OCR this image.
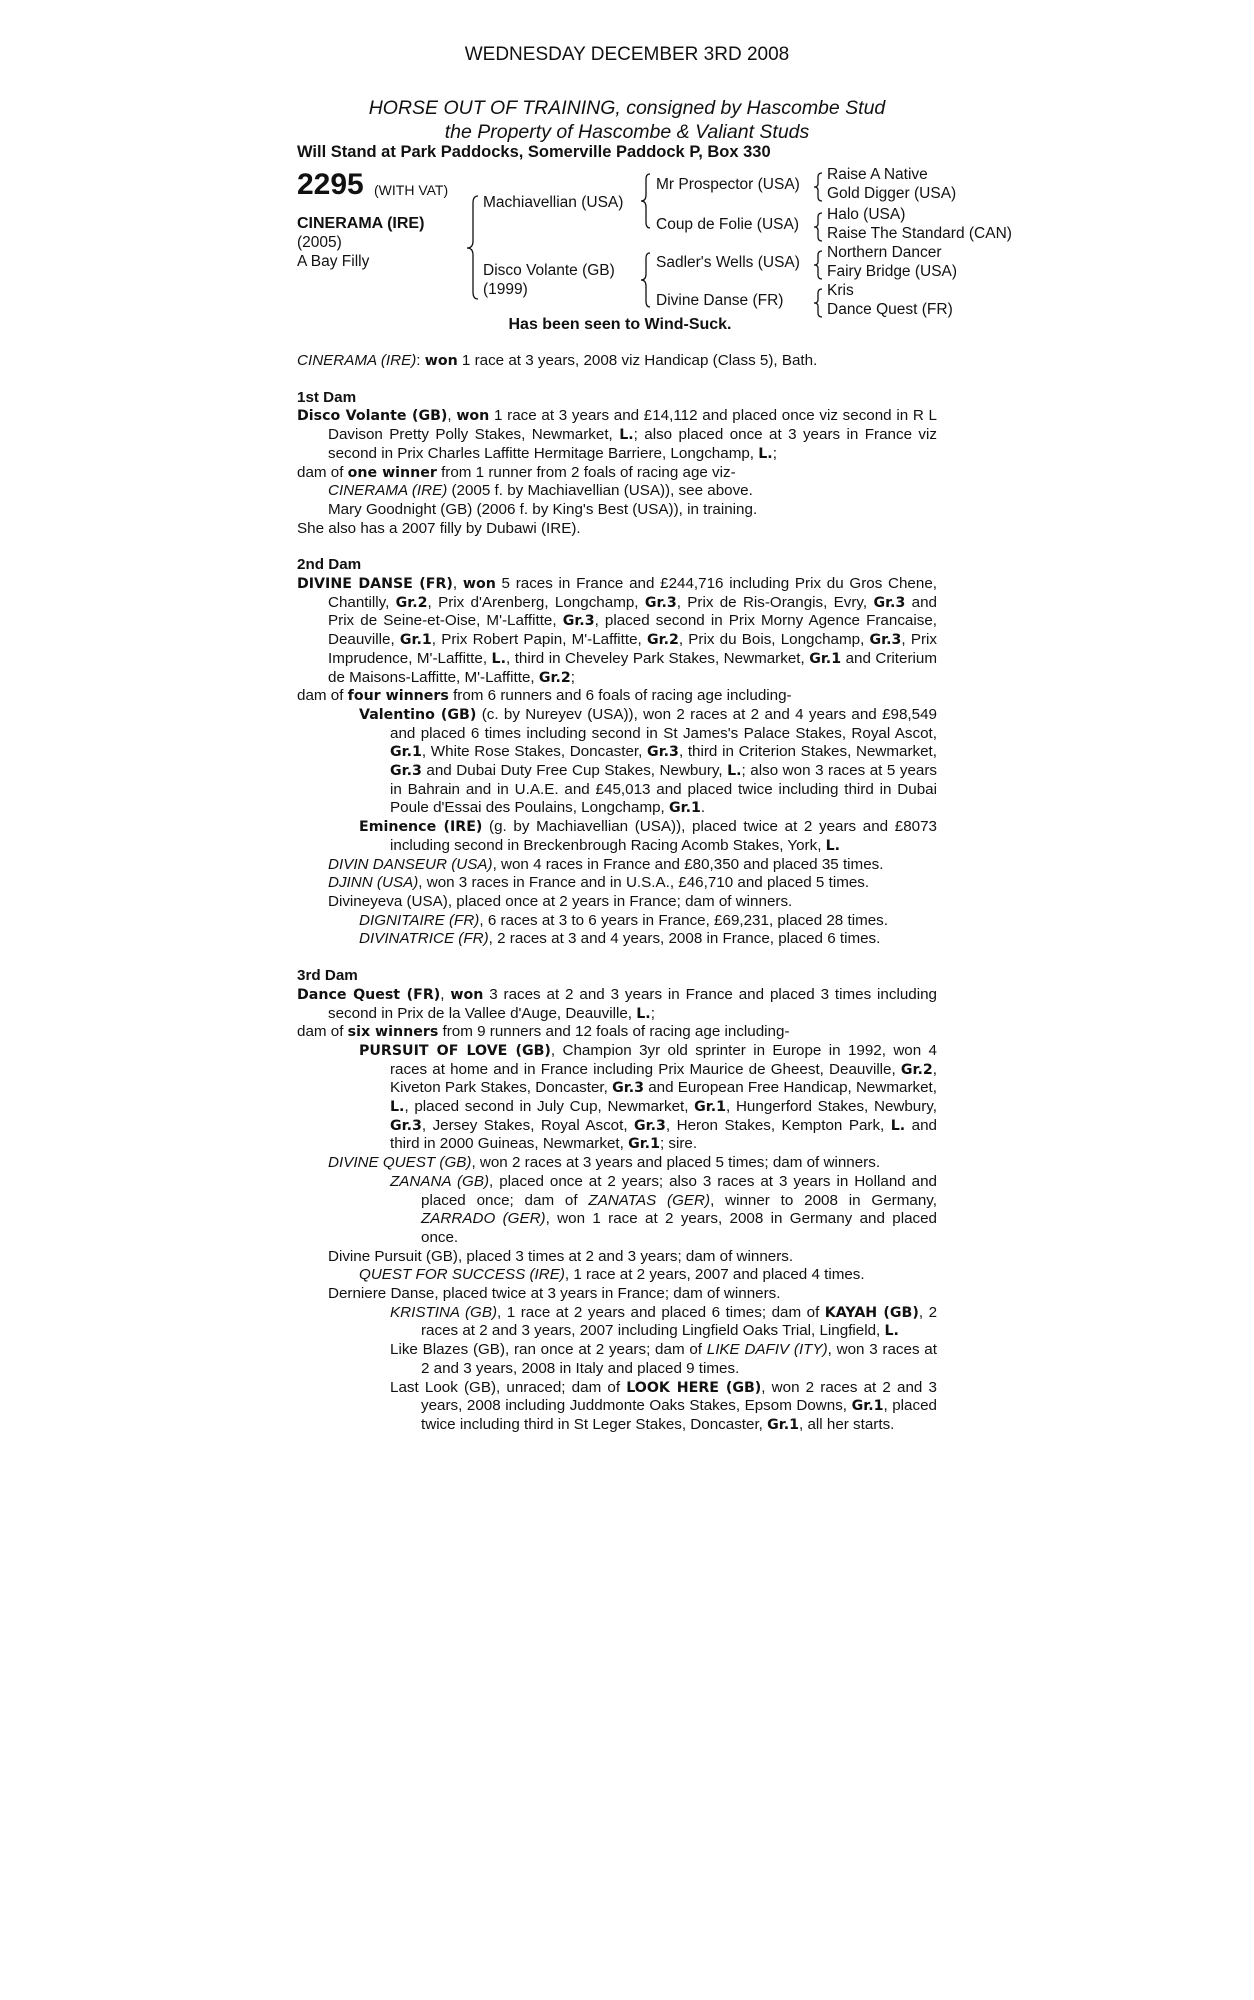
WEDNESDAY DECEMBER 3RD 2008
HORSE OUT OF TRAINING, consigned by Hascombe Stud
the Property of Hascombe & Valiant Studs
Will Stand at Park Paddocks, Somerville Paddock P, Box 330
2295 (WITH VAT)
CINERAMA (IRE)
(2005)
A Bay Filly
Machiavellian (USA)
Disco Volante (GB)
(1999)
Mr Prospector (USA)
Coup de Folie (USA)
Sadler's Wells (USA)
Divine Danse (FR)
Raise A Native
Gold Digger (USA)
Halo (USA)
Raise The Standard (CAN)
Northern Dancer
Fairy Bridge (USA)
Kris
Dance Quest (FR)
Has been seen to Wind-Suck.

CINERAMA (IRE): won 1 race at 3 years, 2008 viz Handicap (Class 5), Bath.

1st Dam

Disco Volante (GB), won 1 race at 3 years and £14,112 and placed once viz second in R L Davison Pretty Polly Stakes, Newmarket, L.; also placed once at 3 years in France viz second in Prix Charles Laffitte Hermitage Barriere, Longchamp, L.;

dam of one winner from 1 runner from 2 foals of racing age viz-

CINERAMA (IRE) (2005 f. by Machiavellian (USA)), see above.

Mary Goodnight (GB) (2006 f. by King's Best (USA)), in training.

She also has a 2007 filly by Dubawi (IRE).

2nd Dam

DIVINE DANSE (FR), won 5 races in France and £244,716 including Prix du Gros Chene, Chantilly, Gr.2, Prix d'Arenberg, Longchamp, Gr.3, Prix de Ris-Orangis, Evry, Gr.3 and Prix de Seine-et-Oise, M'-Laffitte, Gr.3, placed second in Prix Morny Agence Francaise, Deauville, Gr.1, Prix Robert Papin, M'-Laffitte, Gr.2, Prix du Bois, Longchamp, Gr.3, Prix Imprudence, M'-Laffitte, L., third in Cheveley Park Stakes, Newmarket, Gr.1 and Criterium de Maisons-Laffitte, M'-Laffitte, Gr.2;

dam of four winners from 6 runners and 6 foals of racing age including-

Valentino (GB) (c. by Nureyev (USA)), won 2 races at 2 and 4 years and £98,549 and placed 6 times including second in St James's Palace Stakes, Royal Ascot, Gr.1, White Rose Stakes, Doncaster, Gr.3, third in Criterion Stakes, Newmarket, Gr.3 and Dubai Duty Free Cup Stakes, Newbury, L.; also won 3 races at 5 years in Bahrain and in U.A.E. and £45,013 and placed twice including third in Dubai Poule d'Essai des Poulains, Longchamp, Gr.1.

Eminence (IRE) (g. by Machiavellian (USA)), placed twice at 2 years and £8073 including second in Breckenbrough Racing Acomb Stakes, York, L.

DIVIN DANSEUR (USA), won 4 races in France and £80,350 and placed 35 times.

DJINN (USA), won 3 races in France and in U.S.A., £46,710 and placed 5 times.

Divineyeva (USA), placed once at 2 years in France; dam of winners.

DIGNITAIRE (FR), 6 races at 3 to 6 years in France, £69,231, placed 28 times.

DIVINATRICE (FR), 2 races at 3 and 4 years, 2008 in France, placed 6 times.

3rd Dam

Dance Quest (FR), won 3 races at 2 and 3 years in France and placed 3 times including second in Prix de la Vallee d'Auge, Deauville, L.;

dam of six winners from 9 runners and 12 foals of racing age including-

PURSUIT OF LOVE (GB), Champion 3yr old sprinter in Europe in 1992, won 4 races at home and in France including Prix Maurice de Gheest, Deauville, Gr.2, Kiveton Park Stakes, Doncaster, Gr.3 and European Free Handicap, Newmarket, L., placed second in July Cup, Newmarket, Gr.1, Hungerford Stakes, Newbury, Gr.3, Jersey Stakes, Royal Ascot, Gr.3, Heron Stakes, Kempton Park, L. and third in 2000 Guineas, Newmarket, Gr.1; sire.

DIVINE QUEST (GB), won 2 races at 3 years and placed 5 times; dam of winners.

ZANANA (GB), placed once at 2 years; also 3 races at 3 years in Holland and placed once; dam of ZANATAS (GER), winner to 2008 in Germany, ZARRADO (GER), won 1 race at 2 years, 2008 in Germany and placed once.

Divine Pursuit (GB), placed 3 times at 2 and 3 years; dam of winners.

QUEST FOR SUCCESS (IRE), 1 race at 2 years, 2007 and placed 4 times.

Derniere Danse, placed twice at 3 years in France; dam of winners.

KRISTINA (GB), 1 race at 2 years and placed 6 times; dam of KAYAH (GB), 2 races at 2 and 3 years, 2007 including Lingfield Oaks Trial, Lingfield, L.

Like Blazes (GB), ran once at 2 years; dam of LIKE DAFIV (ITY), won 3 races at 2 and 3 years, 2008 in Italy and placed 9 times.

Last Look (GB), unraced; dam of LOOK HERE (GB), won 2 races at 2 and 3 years, 2008 including Juddmonte Oaks Stakes, Epsom Downs, Gr.1, placed twice including third in St Leger Stakes, Doncaster, Gr.1, all her starts.
